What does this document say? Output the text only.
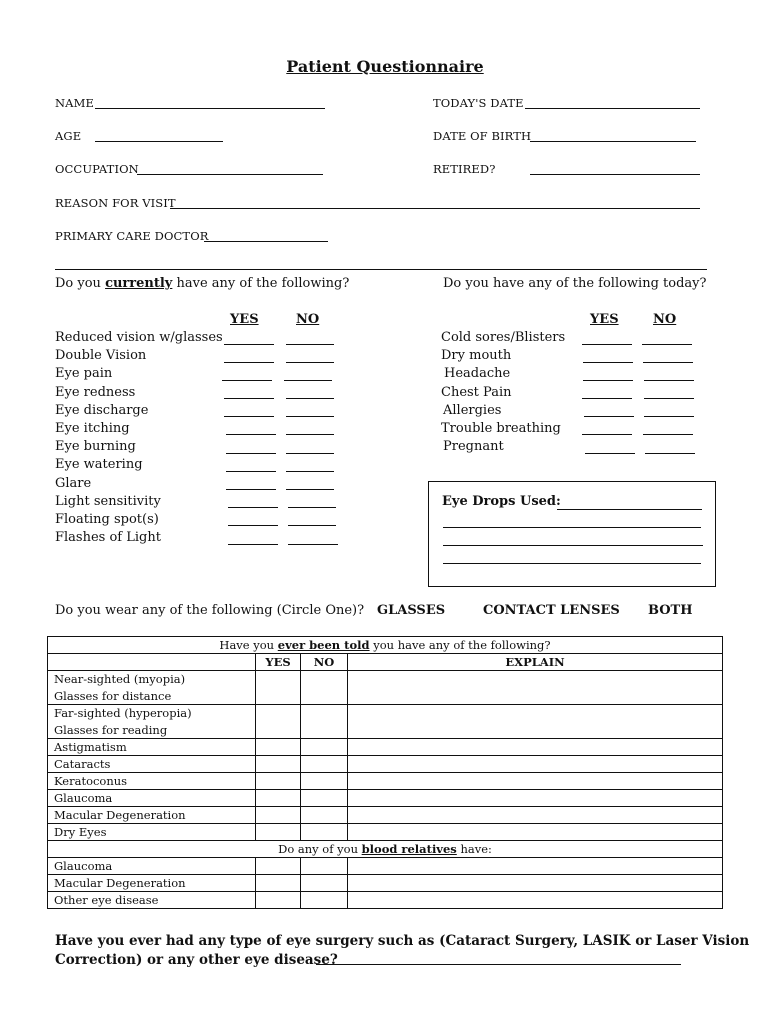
Patient Questionnaire
NAME	TODAY'S DATE
AGE	DATE OF BIRTH
OCCUPATION	RETIRED?
REASON FOR VISIT
PRIMARY CARE DOCTOR
Do you currently have any of the following?	Do you have any of the following today?
YES	NO	YES	NO
Reduced vision w/glasses
Double Vision
Eye pain
Eye redness
Eye discharge
Eye itching
Eye burning
Eye watering
Glare
Light sensitivity
Floating spot(s)
Flashes of Light
Cold sores/Blisters
Dry mouth
Headache
Chest Pain
Allergies
Trouble breathing
Pregnant
Eye Drops Used:
Do you wear any of the following (Circle One)? GLASSES	CONTACT LENSES BOTH
Have you ever been told you have any of the following?			
	YES	NO	EXPLAIN

Near-sighted (myopia)
Glasses for distance			

Far-sighted (hyperopia)
Glasses for reading			

Astigmatism			
Cataracts			
Keratoconus			
Glaucoma			
Macular Degeneration			
Dry Eyes			
Do any of you blood relatives have:			
Glaucoma			
Macular Degeneration			
Other eye disease			
Have you ever had any type of eye surgery such as (Cataract Surgery, LASIK or Laser Vision
Correction) or any other eye disease?
